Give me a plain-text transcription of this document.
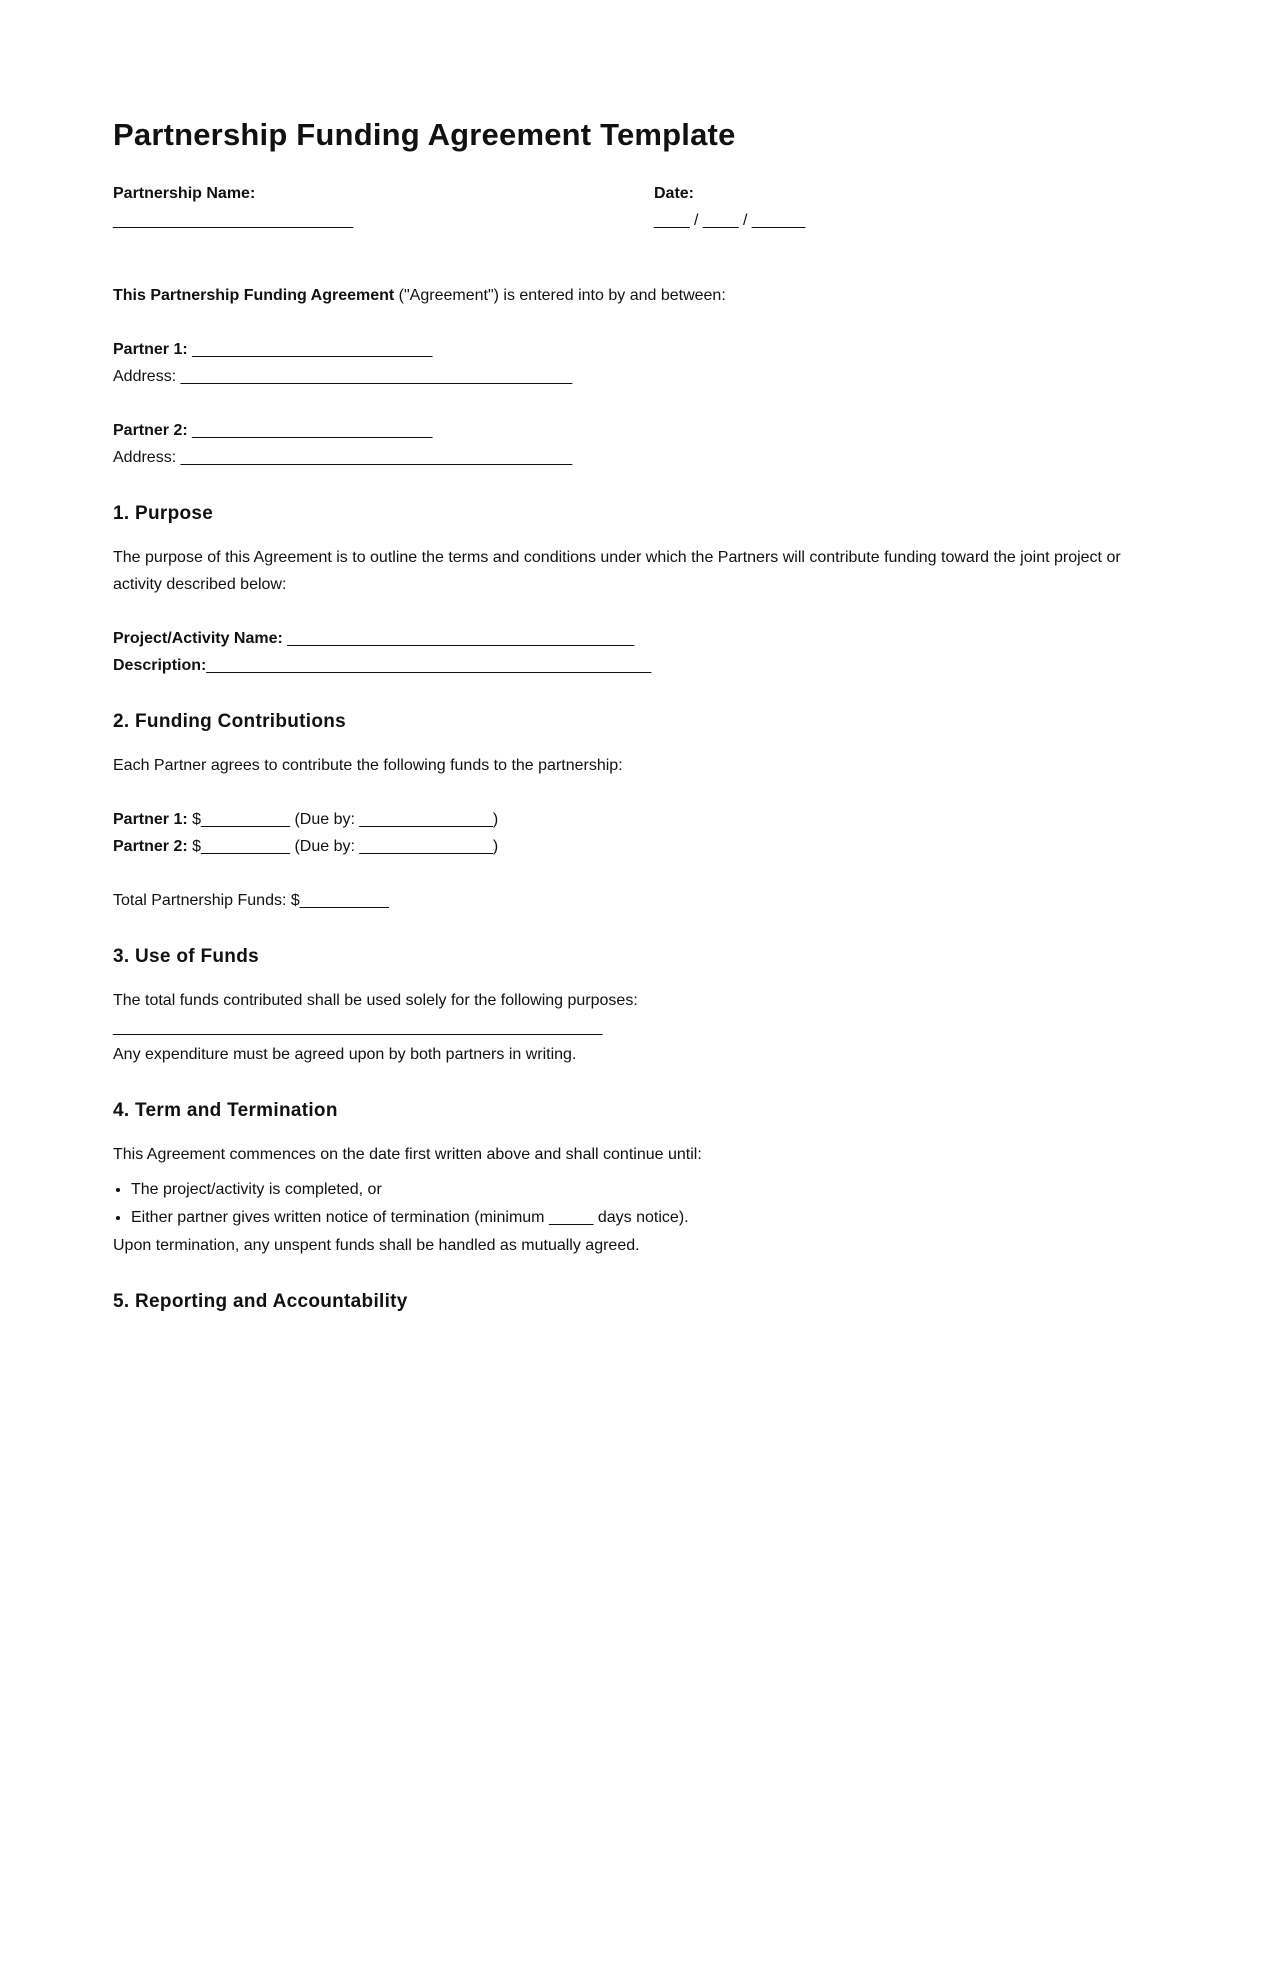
Partnership Funding Agreement Template
Partnership Name:
___________________________
Date:
____ / ____ / ______

This Partnership Funding Agreement ("Agreement") is entered into by and between:

Partner 1: ___________________________
Address: ____________________________________________
Partner 2: ___________________________
Address: ____________________________________________
1. Purpose

The purpose of this Agreement is to outline the terms and conditions under which the Partners will contribute funding toward the joint project or activity described below:

Project/Activity Name: _______________________________________
Description:__________________________________________________
2. Funding Contributions

Each Partner agrees to contribute the following funds to the partnership:

Partner 1: $__________ (Due by: _______________)
Partner 2: $__________ (Due by: _______________)

Total Partnership Funds: $__________

3. Use of Funds

The total funds contributed shall be used solely for the following purposes:

_______________________________________________________

Any expenditure must be agreed upon by both partners in writing.

4. Term and Termination

This Agreement commences on the date first written above and shall continue until:

• The project/activity is completed, or
• Either partner gives written notice of termination (minimum _____ days notice).

Upon termination, any unspent funds shall be handled as mutually agreed.

5. Reporting and Accountability
